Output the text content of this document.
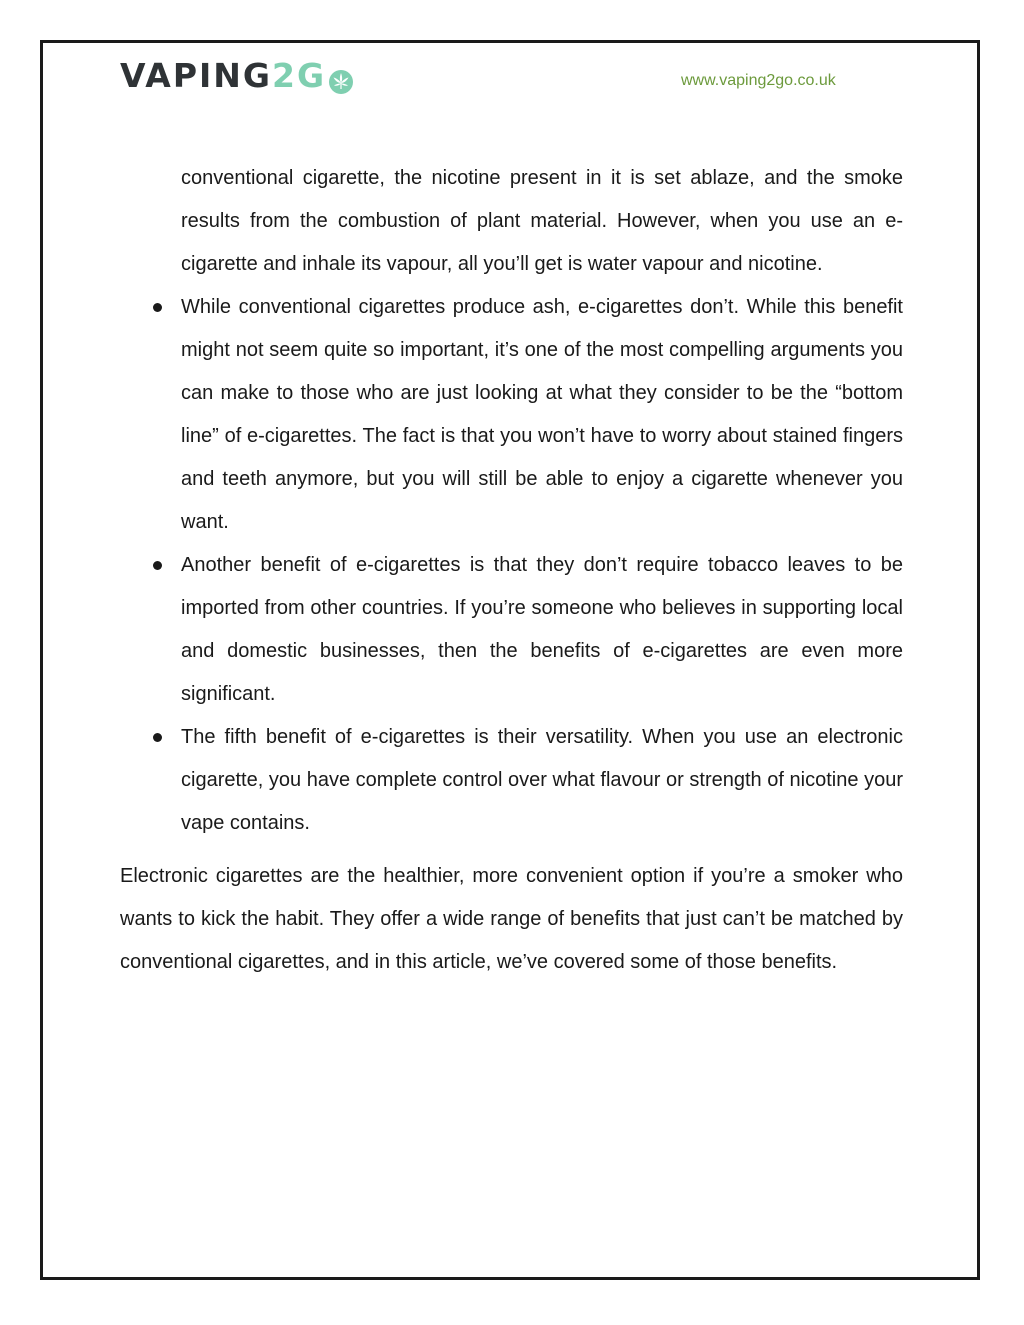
VAPING 2G	www.vaping2go.co.uk
conventional cigarette, the nicotine present in it is set ablaze, and the smoke results from the combustion of plant material. However, when you use an e-cigarette and inhale its vapour, all you’ll get is water vapour and nicotine.
While conventional cigarettes produce ash, e-cigarettes don’t. While this benefit might not seem quite so important, it’s one of the most compelling arguments you can make to those who are just looking at what they consider to be the “bottom line” of e-cigarettes. The fact is that you won’t have to worry about stained fingers and teeth anymore, but you will still be able to enjoy a cigarette whenever you want.
Another benefit of e-cigarettes is that they don’t require tobacco leaves to be imported from other countries. If you’re someone who believes in supporting local and domestic businesses, then the benefits of e-cigarettes are even more significant.
The fifth benefit of e-cigarettes is their versatility. When you use an electronic cigarette, you have complete control over what flavour or strength of nicotine your vape contains.

Electronic cigarettes are the healthier, more convenient option if you’re a smoker who wants to kick the habit. They offer a wide range of benefits that just can’t be matched by conventional cigarettes, and in this article, we’ve covered some of those benefits.
